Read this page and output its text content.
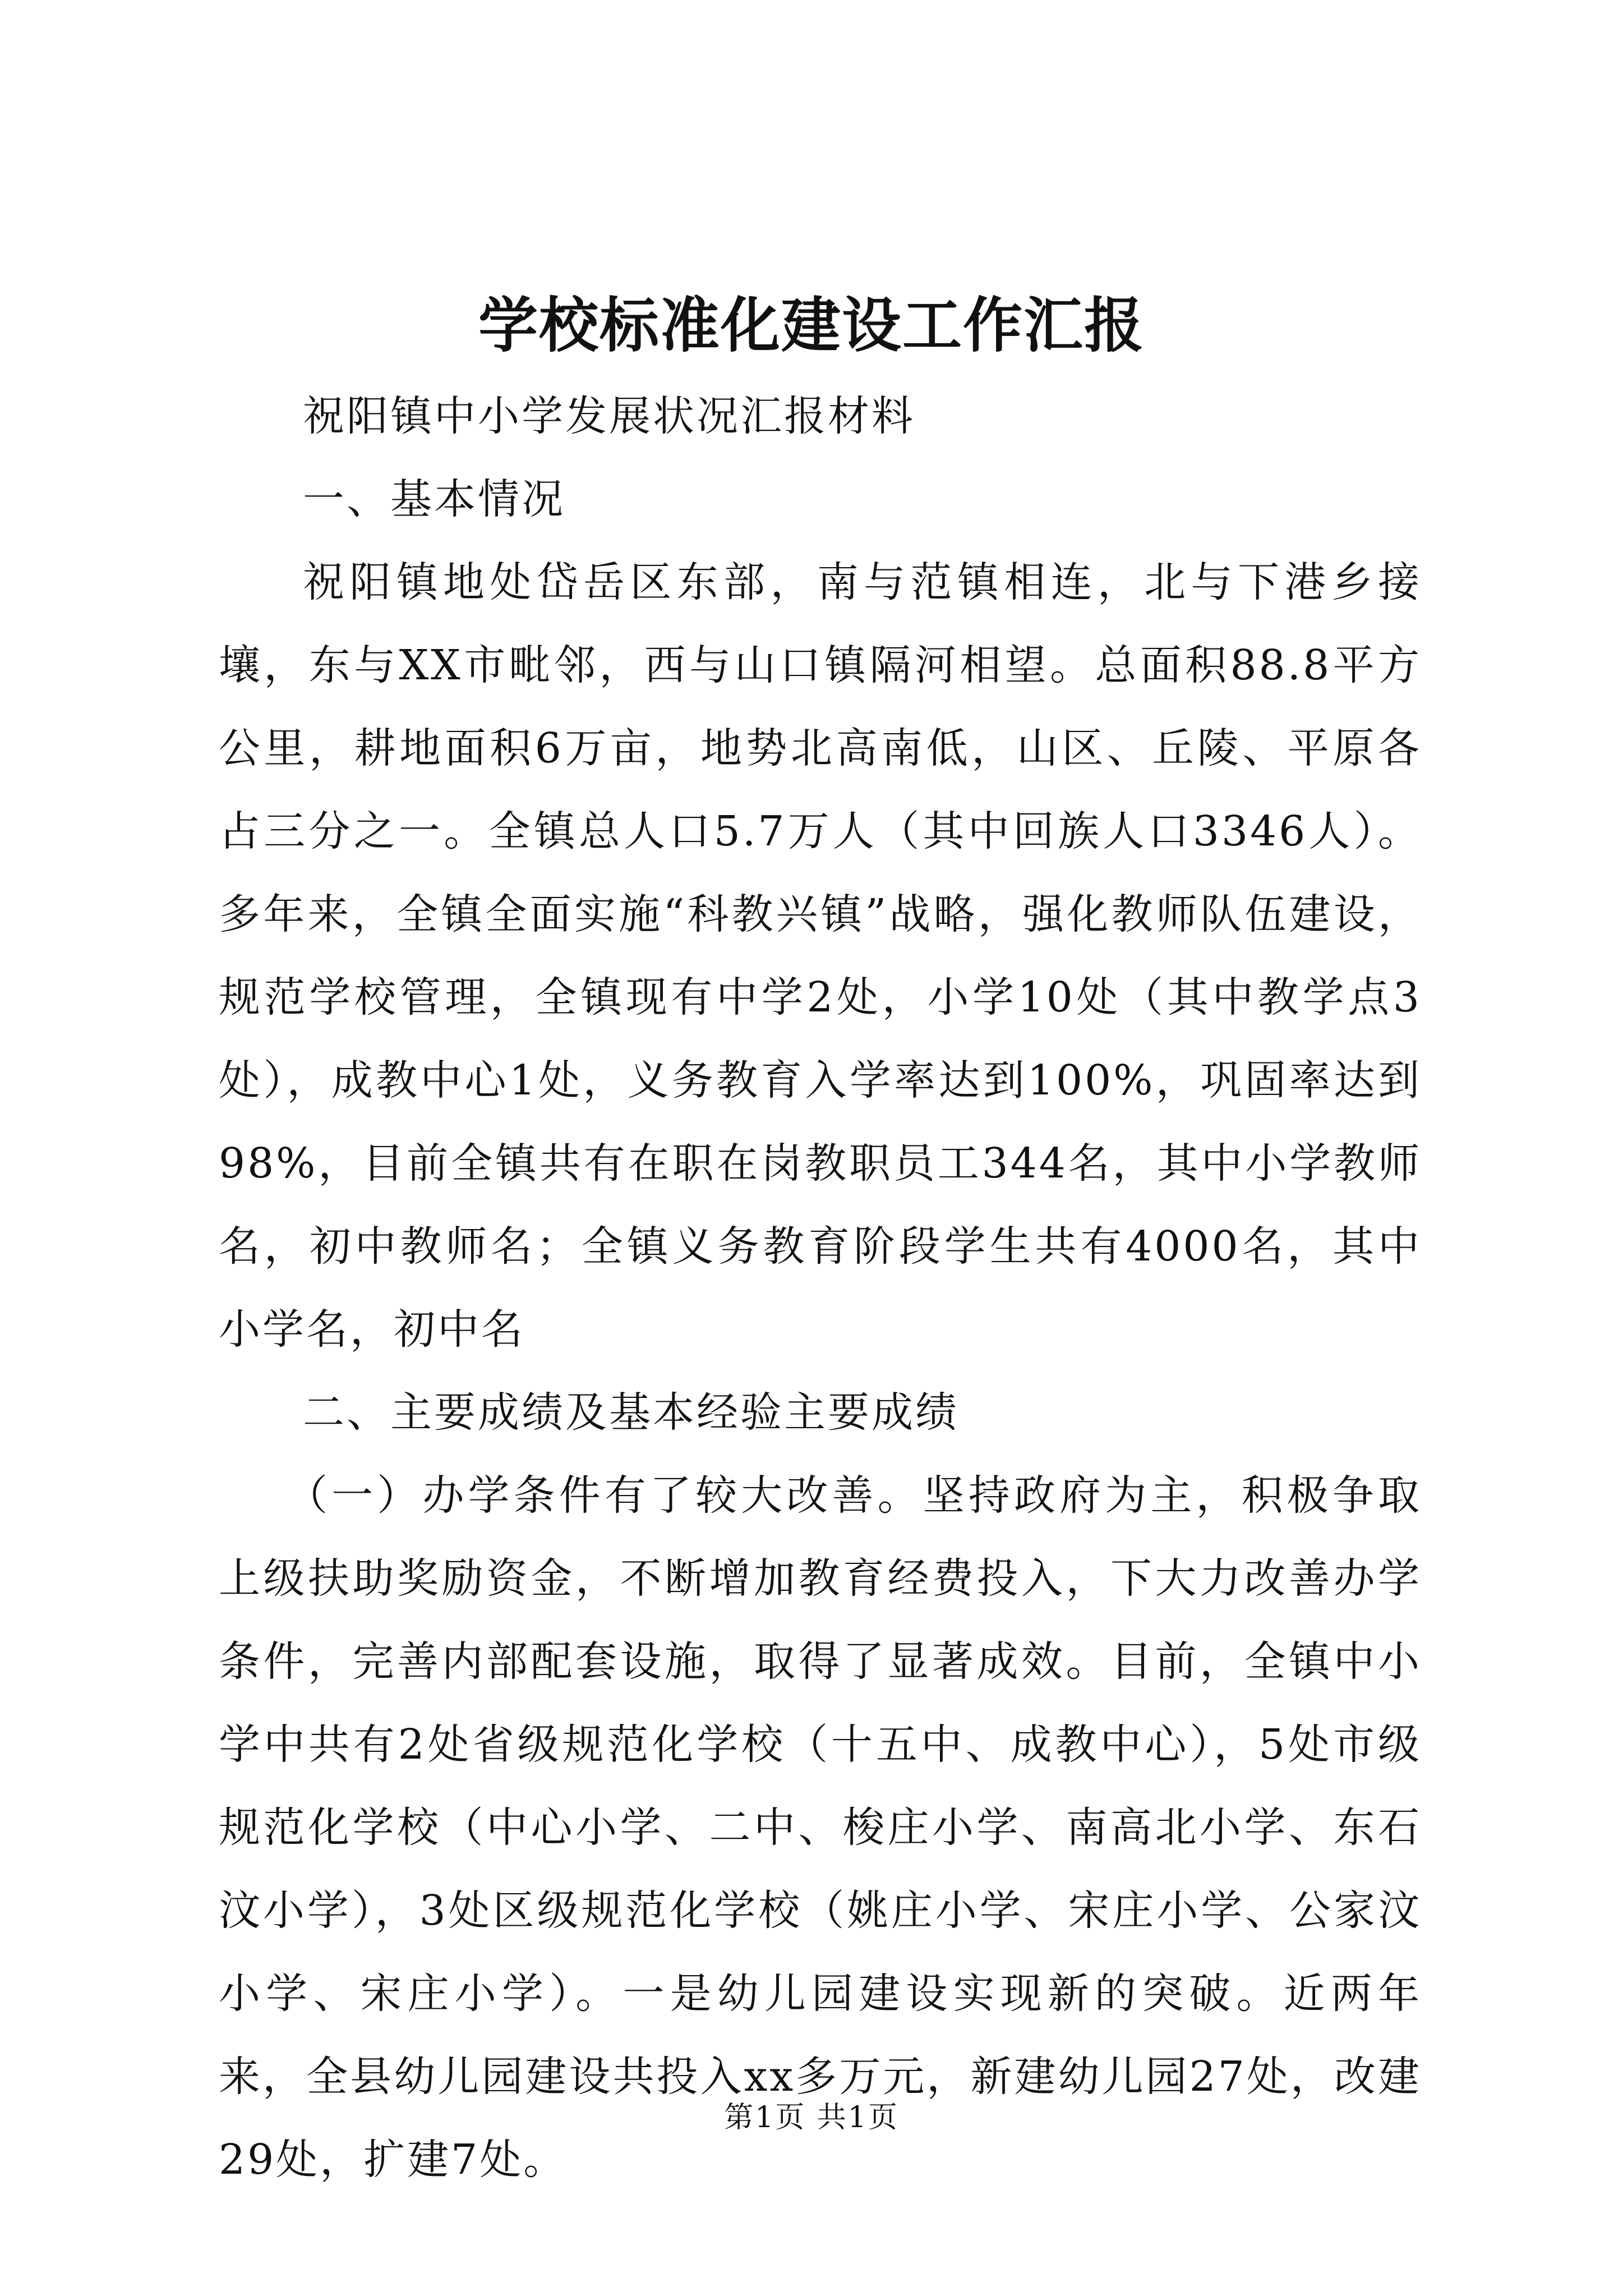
学校标准化建设工作汇报

祝阳镇中小学发展状况汇报材料

一、基本情况

祝阳镇地处岱岳区东部，南与范镇相连，北与下港乡接壤，东与XX市毗邻，西与山口镇隔河相望。总面积88.8平方公里，耕地面积6万亩，地势北高南低，山区、丘陵、平原各占三分之一。全镇总人口5.7万人（其中回族人口3346人）。多年来，全镇全面实施“科教兴镇”战略，强化教师队伍建设，规范学校管理，全镇现有中学2处，小学10处（其中教学点3处），成教中心1处，义务教育入学率达到100%，巩固率达到98%，目前全镇共有在职在岗教职员工344名，其中小学教师名，初中教师名；全镇义务教育阶段学生共有4000名，其中小学名，初中名

二、主要成绩及基本经验主要成绩

（一）办学条件有了较大改善。坚持政府为主，积极争取上级扶助奖励资金，不断增加教育经费投入，下大力改善办学条件，完善内部配套设施，取得了显著成效。目前，全镇中小学中共有2处省级规范化学校（十五中、成教中心），5处市级规范化学校（中心小学、二中、梭庄小学、南高北小学、东石汶小学），3处区级规范化学校（姚庄小学、宋庄小学、公家汶小学、宋庄小学）。一是幼儿园建设实现新的突破。近两年来，全县幼儿园建设共投入xx多万元，新建幼儿园27处，改建29处，扩建7处。

第1页 共1页
